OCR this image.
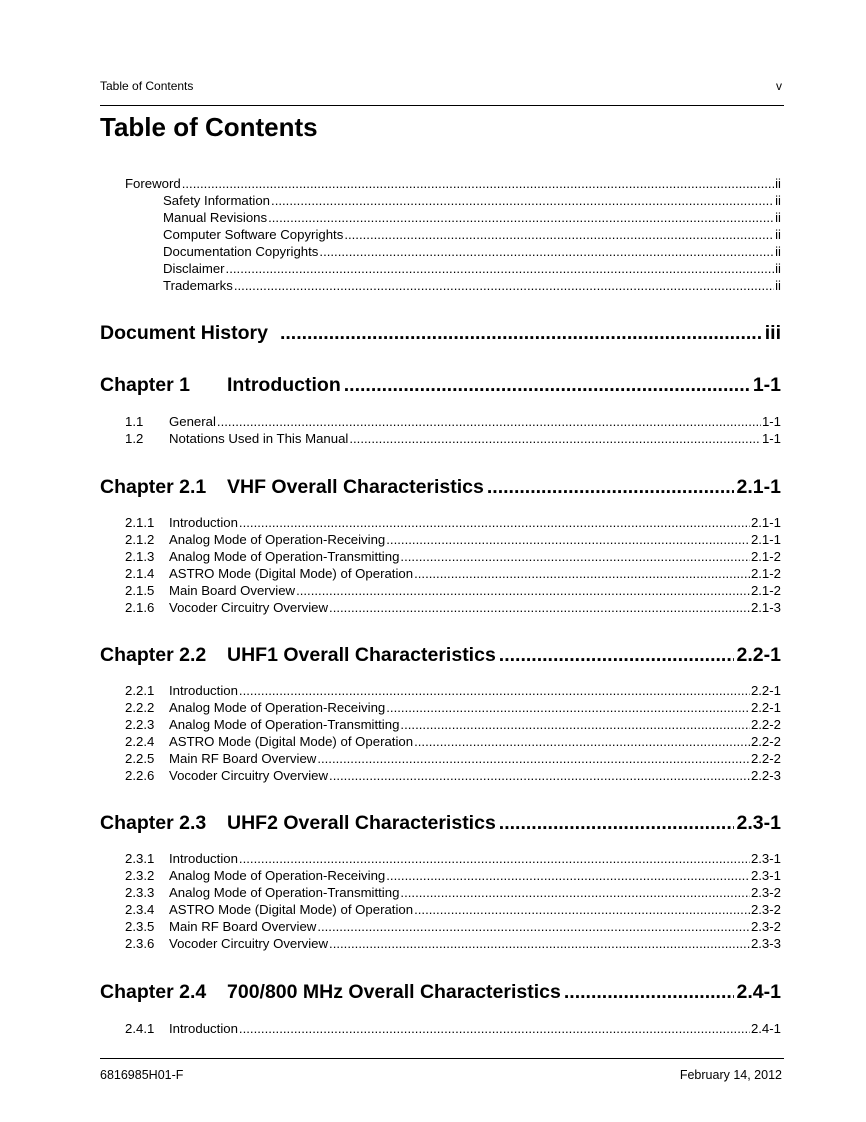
Table of Contents	v
Table of Contents
Foreword .....	ii
Safety Information .....	ii
Manual Revisions .....	ii
Computer Software Copyrights .....	ii
Documentation Copyrights .....	ii
Disclaimer .....	ii
Trademarks .....	ii
Document History .....	iii
Chapter 1	Introduction .....	1-1
1.1	General .....	1-1
1.2	Notations Used in This Manual .....	1-1
Chapter 2.1	VHF Overall Characteristics .....	2.1-1
2.1.1	Introduction .....	2.1-1
2.1.2	Analog Mode of Operation-Receiving .....	2.1-1
2.1.3	Analog Mode of Operation-Transmitting .....	2.1-2
2.1.4	ASTRO Mode (Digital Mode) of Operation .....	2.1-2
2.1.5	Main Board Overview .....	2.1-2
2.1.6	Vocoder Circuitry Overview .....	2.1-3
Chapter 2.2	UHF1 Overall Characteristics .....	2.2-1
2.2.1	Introduction .....	2.2-1
2.2.2	Analog Mode of Operation-Receiving .....	2.2-1
2.2.3	Analog Mode of Operation-Transmitting .....	2.2-2
2.2.4	ASTRO Mode (Digital Mode) of Operation .....	2.2-2
2.2.5	Main RF Board Overview .....	2.2-2
2.2.6	Vocoder Circuitry Overview .....	2.2-3
Chapter 2.3	UHF2 Overall Characteristics .....	2.3-1
2.3.1	Introduction .....	2.3-1
2.3.2	Analog Mode of Operation-Receiving .....	2.3-1
2.3.3	Analog Mode of Operation-Transmitting .....	2.3-2
2.3.4	ASTRO Mode (Digital Mode) of Operation .....	2.3-2
2.3.5	Main RF Board Overview .....	2.3-2
2.3.6	Vocoder Circuitry Overview .....	2.3-3
Chapter 2.4	700/800 MHz Overall Characteristics .....	2.4-1
2.4.1	Introduction .....	2.4-1
6816985H01-F	February 14, 2012
